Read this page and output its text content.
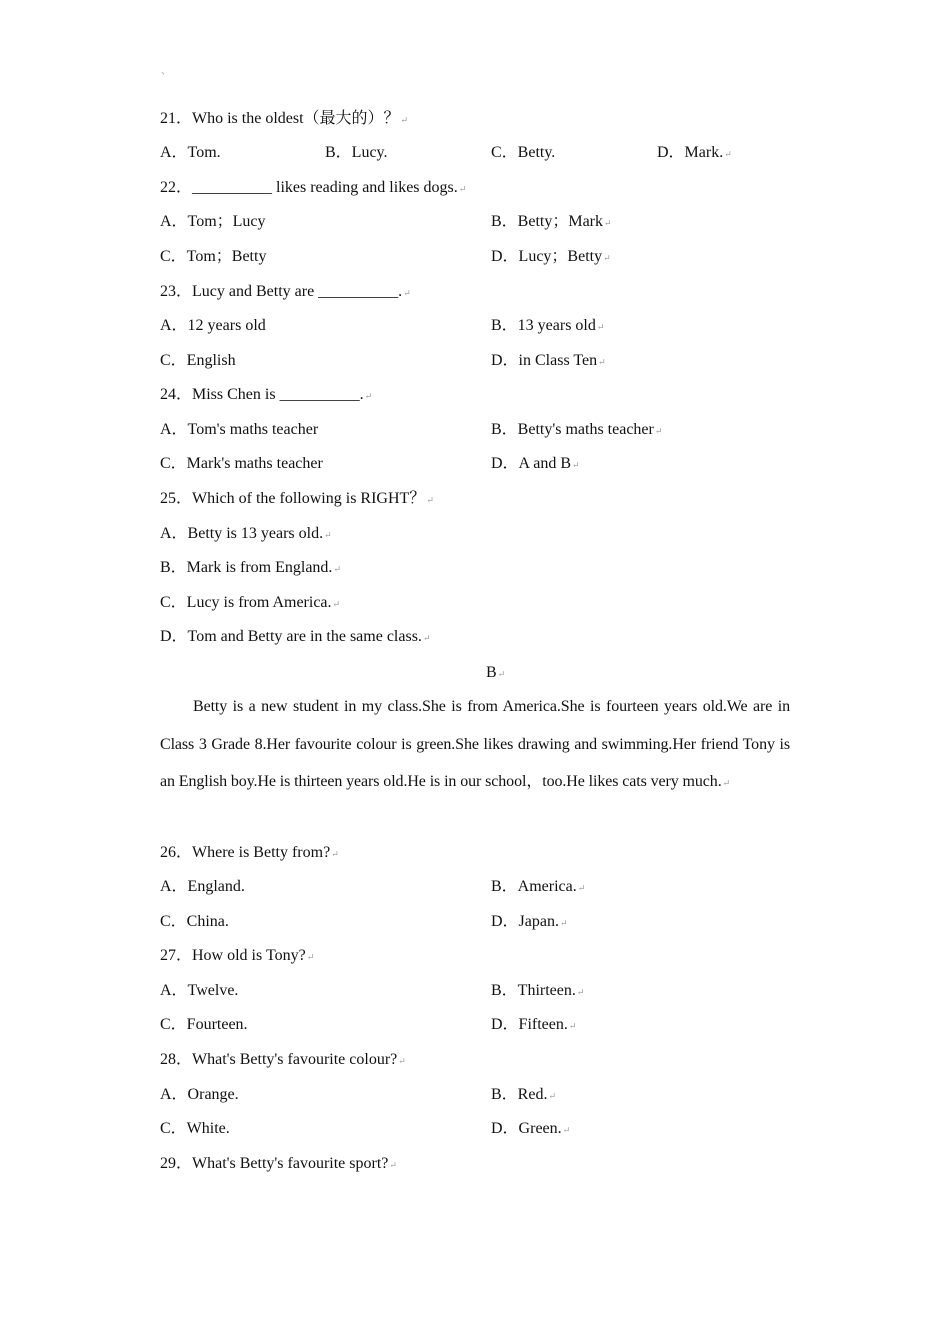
、
21．Who is the oldest（最大的）？↵
A．Tom.	B．Lucy.	C．Betty.	D．Mark.↵
22．__________ likes reading and likes dogs.↵
A．Tom；Lucy	B．Betty；Mark↵
C．Tom；Betty	D．Lucy；Betty↵
23．Lucy and Betty are __________.↵
A．12 years old	B．13 years old↵
C．English	D．in Class Ten↵
24．Miss Chen is __________.↵
A．Tom's maths teacher	B．Betty's maths teacher↵
C．Mark's maths teacher	D．A and B↵
25．Which of the following is RIGHT？↵
A．Betty is 13 years old.↵
B．Mark is from England.↵
C．Lucy is from America.↵
D．Tom and Betty are in the same class.↵
B↵
Betty is a new student in my class.She is from America.She is fourteen years old.We are in Class 3 Grade 8.Her favourite colour is green.She likes drawing and swimming.Her friend Tony is an English boy.He is thirteen years old.He is in our school，too.He likes cats very much.↵
26．Where is Betty from?↵
A．England.	B．America.↵
C．China.	D．Japan.↵
27．How old is Tony?↵
A．Twelve.	B．Thirteen.↵
C．Fourteen.	D．Fifteen.↵
28．What's Betty's favourite colour?↵
A．Orange.	B．Red.↵
C．White.	D．Green.↵
29．What's Betty's favourite sport?↵
